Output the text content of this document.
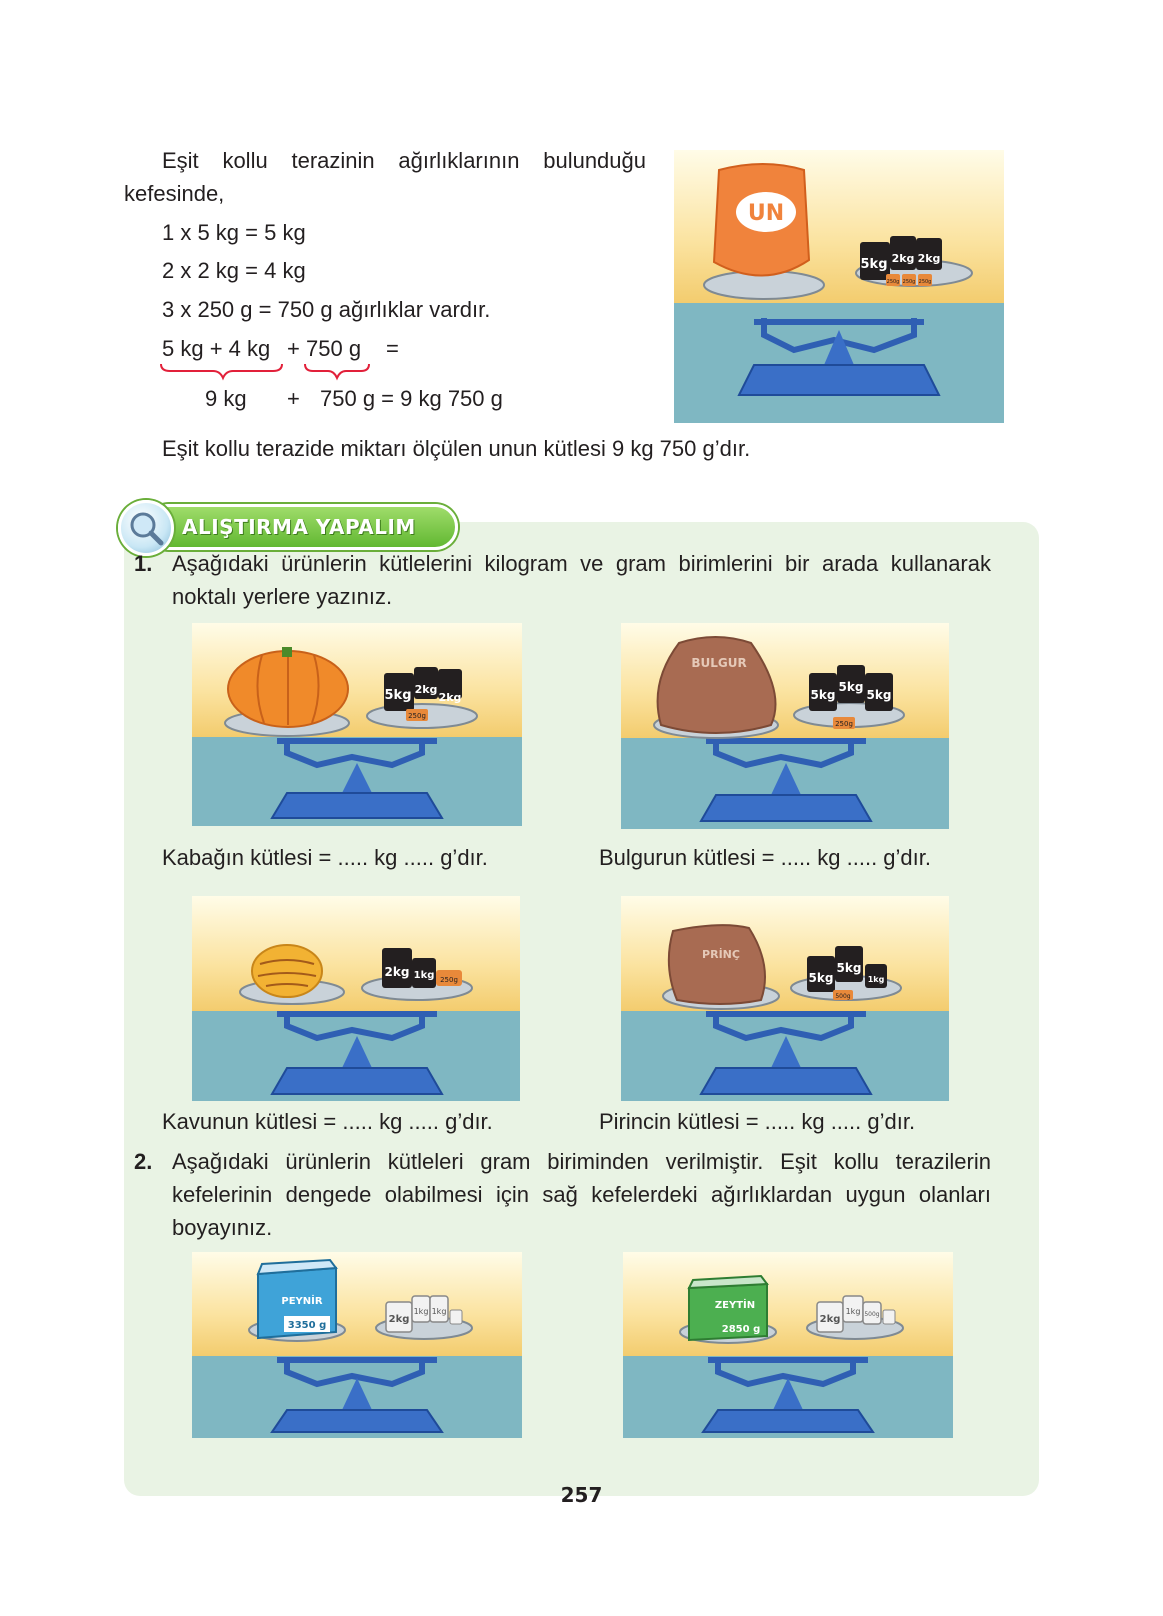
Eşit kollu terazinin ağırlıklarının bulunduğu
kefesinde,
1 x 5 kg = 5 kg
2 x 2 kg = 4 kg
3 x 250 g = 750 g ağırlıklar vardır.
5 kg + 4 kg + 750 g =
9 kg + 750 g = 9 kg 750 g
Eşit kollu terazide miktarı ölçülen unun kütlesi 9 kg 750 g’dır.
UN
5kg 2kg 2kg
250g 250g 250g
ALIŞTIRMA YAPALIM
1. Aşağıdaki ürünlerin kütlelerini kilogram ve gram birimlerini bir arada kullanarak
noktalı yerlere yazınız.
5kg 2kg
2kg
250g
BULGUR
5kg
5kg
5kg
250g
Kabağın kütlesi = ..... kg ..... g’dır.	Bulgurun kütlesi = ..... kg ..... g’dır.
2kg 1kg 250g
PRİNÇ
5kg
5kg
1kg
500g
Kavunun kütlesi = ..... kg ..... g’dır.	Pirincin kütlesi = ..... kg ..... g’dır.
2. Aşağıdaki ürünlerin kütleleri gram biriminden verilmiştir. Eşit kollu terazilerin
kefelerinin dengede olabilmesi için sağ kefelerdeki ağırlıklardan uygun olanları
boyayınız.
PEYNİR
3350 g
2kg
1kg 1kg
ZEYTİN
2850 g
2kg
1kg 500g
257
